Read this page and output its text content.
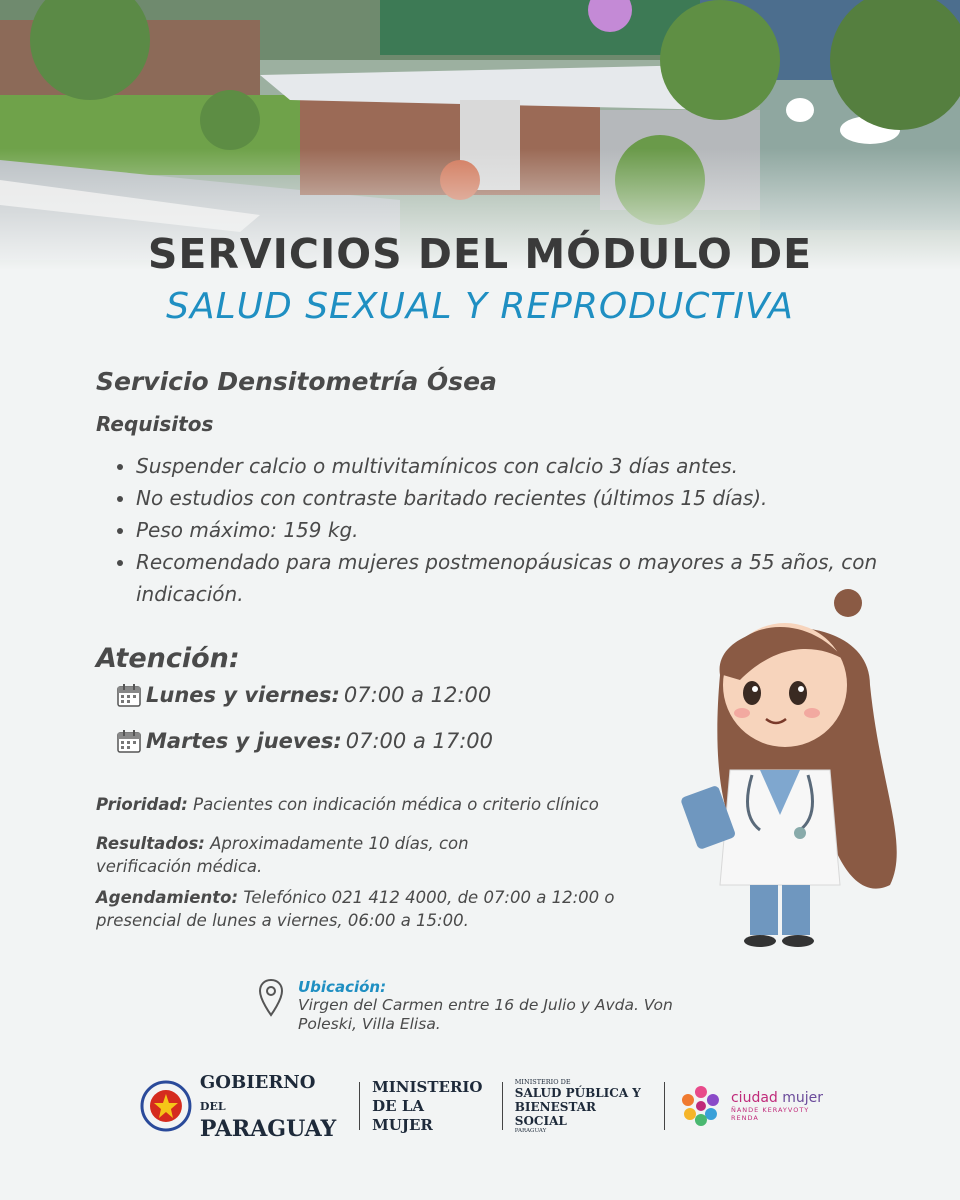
SERVICIOS DEL MÓDULO DE
SALUD SEXUAL Y REPRODUCTIVA
Servicio Densitometría Ósea
Requisitos
• Suspender calcio o multivitamínicos con calcio 3 días antes.
• No estudios con contraste baritado recientes (últimos 15 días).
• Peso máximo: 159 kg.
• Recomendado para mujeres postmenopáusicas o mayores a 55 años, con indicación.
Atención:
Lunes y viernes: 07:00 a 12:00
Martes y jueves: 07:00 a 17:00
Prioridad: Pacientes con indicación médica o criterio clínico
Resultados: Aproximadamente 10 días, con verificación médica.
Agendamiento: Telefónico 021 412 4000, de 07:00 a 12:00 o presencial de lunes a viernes, 06:00 a 15:00.
Ubicación:
Virgen del Carmen entre 16 de Julio y Avda. Von Poleski, Villa Elisa.
GOBIERNO DEL
PARAGUAY
MINISTERIO
DE LA MUJER
MINISTERIO DE
SALUD PÚBLICA Y
BIENESTAR SOCIAL
PARAGUAY
ciudad mujer
ÑANDE KERAYVOTY RENDA
